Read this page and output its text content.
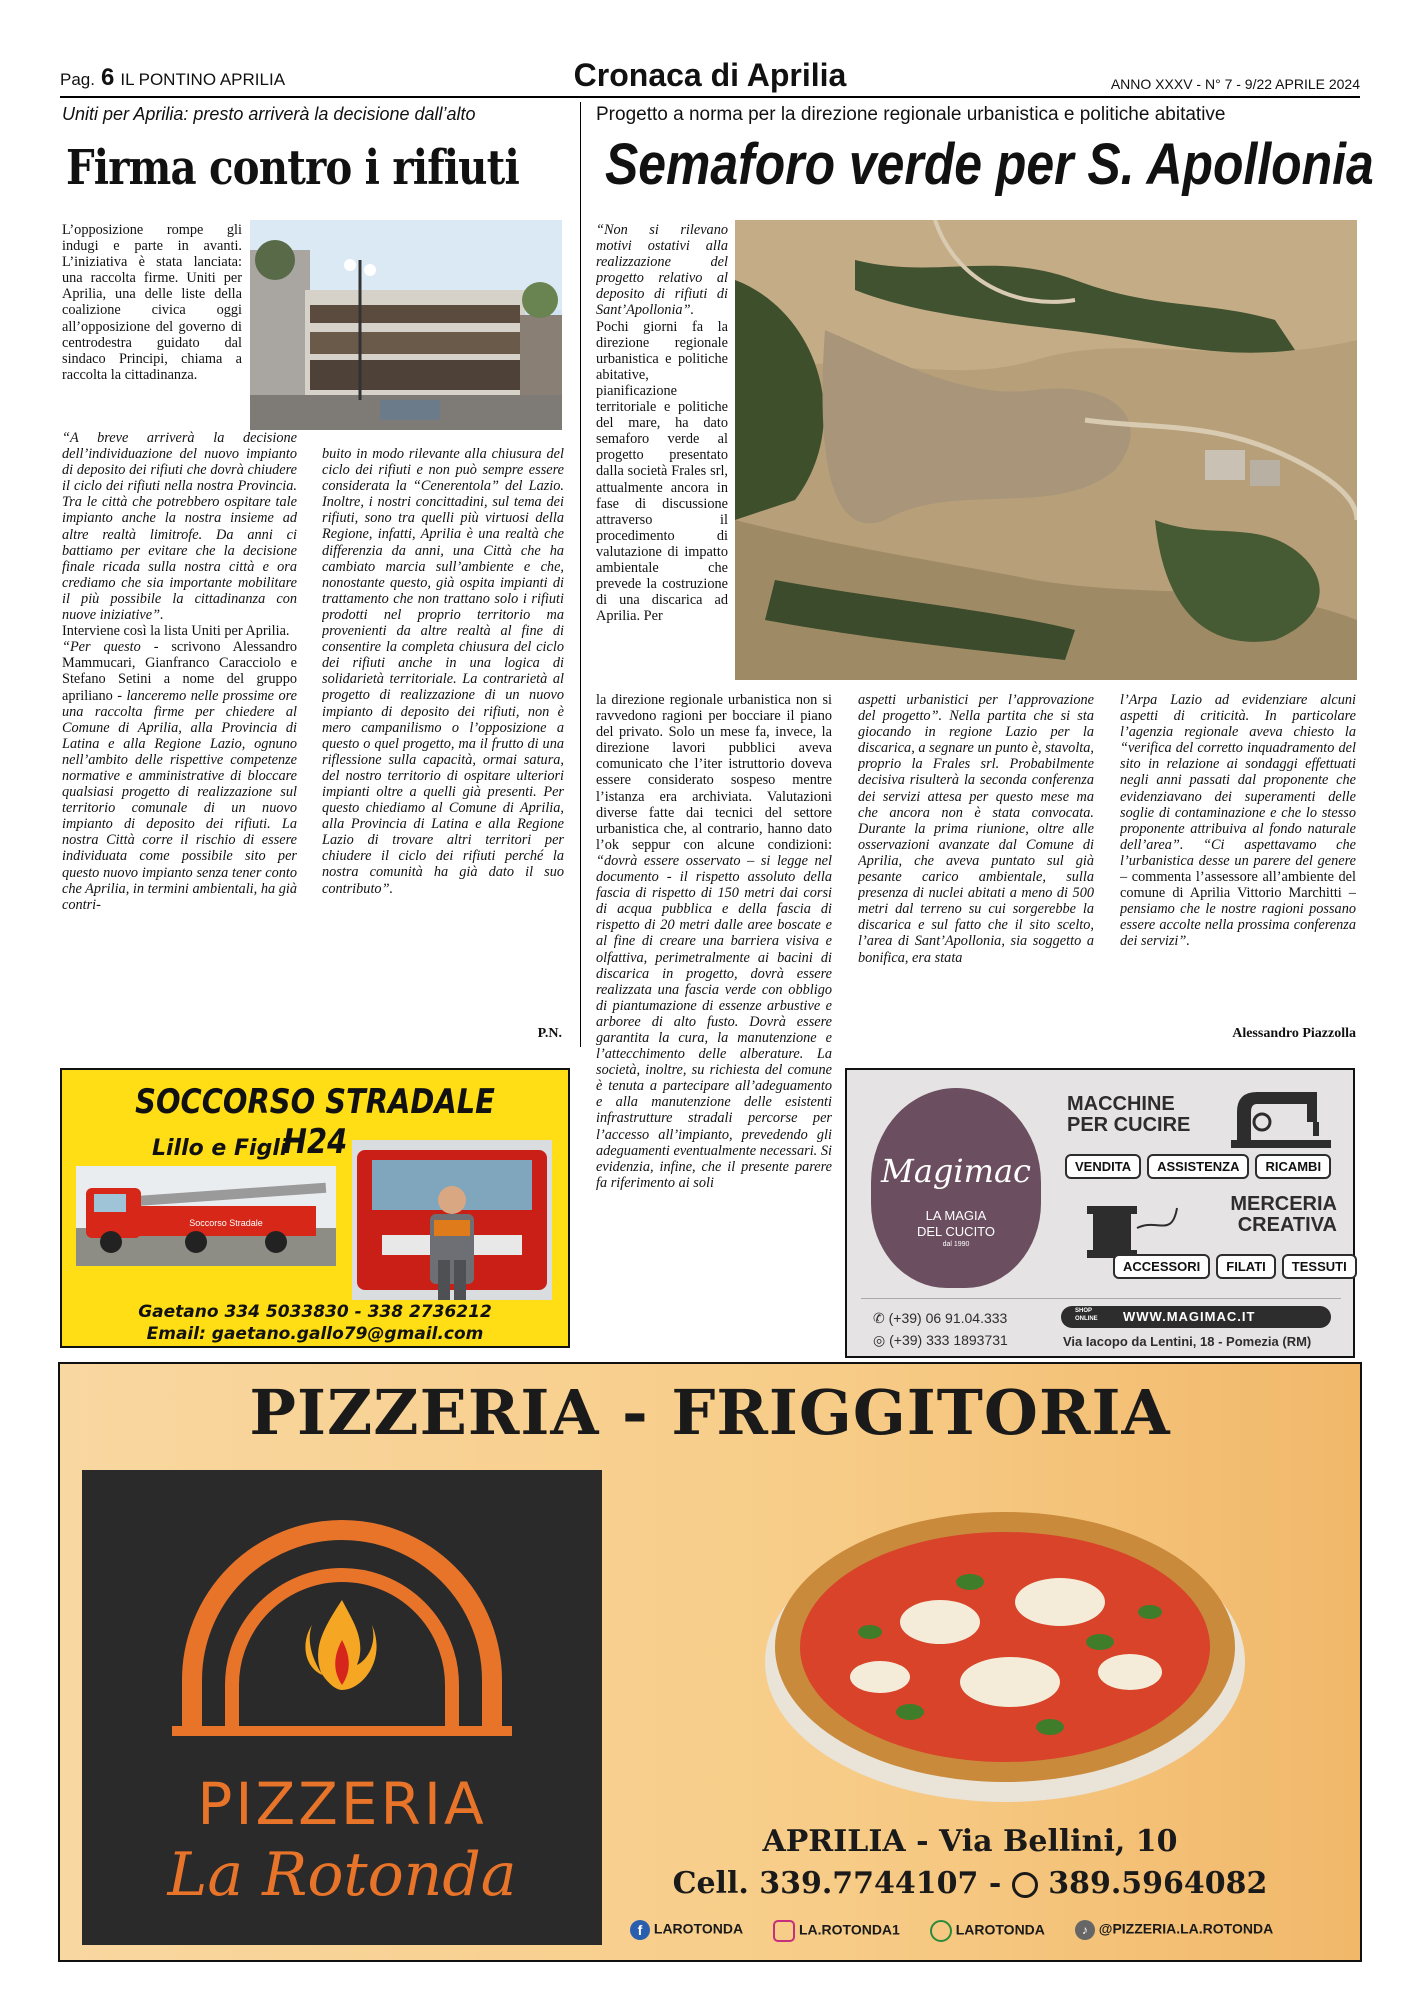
Pag. 6 IL PONTINO APRILIA	Cronaca di Aprilia	ANNO XXXV - N° 7 - 9/22 APRILE 2024
Uniti per Aprilia: presto arriverà la decisione dall’alto
Firma contro i rifiuti

L’opposizione rompe gli indugi e parte in avanti. L’iniziativa è stata lanciata: una raccolta firme. Uniti per Aprilia, una delle liste della coalizione civica oggi all’opposizione del governo di centrodestra guidato dal sindaco Principi, chiama a raccolta la cittadinanza.

“A breve arriverà la decisione dell’individuazione del nuovo impianto di deposito dei rifiuti che dovrà chiudere il ciclo dei rifiuti nella nostra Provincia. Tra le città che potrebbero ospitare tale impianto anche la nostra insieme ad altre realtà limitrofe. Da anni ci battiamo per evitare che la decisione finale ricada sulla nostra città e ora crediamo che sia importante mobilitare il più possibile la cittadinanza con nuove iniziative”.

Interviene così la lista Uniti per Aprilia.

“Per questo - scrivono Alessandro Mammucari, Gianfranco Caracciolo e Stefano Setini a nome del gruppo apriliano - lanceremo nelle prossime ore una raccolta firme per chiedere al Comune di Aprilia, alla Provincia di Latina e alla Regione Lazio, ognuno nell’ambito delle rispettive competenze normative e amministrative di bloccare qualsiasi progetto di realizzazione sul territorio comunale di un nuovo impianto di deposito dei rifiuti. La nostra Città corre il rischio di essere individuata come possibile sito per questo nuovo impianto senza tener conto che Aprilia, in termini ambientali, ha già contri-

buito in modo rilevante alla chiusura del ciclo dei rifiuti e non può sempre essere considerata la “Cenerentola” del Lazio. Inoltre, i nostri concittadini, sul tema dei rifiuti, sono tra quelli più virtuosi della Regione, infatti, Aprilia è una realtà che differenzia da anni, una Città che ha cambiato marcia sull’ambiente e che, nonostante questo, già ospita impianti di trattamento che non trattano solo i rifiuti prodotti nel proprio territorio ma provenienti da altre realtà al fine di consentire la completa chiusura del ciclo dei rifiuti anche in una logica di solidarietà territoriale. La contrarietà al progetto di realizzazione di un nuovo impianto di deposito dei rifiuti, non è mero campanilismo o l’opposizione a questo o quel progetto, ma il frutto di una riflessione sulla capacità, ormai satura, del nostro territorio di ospitare ulteriori impianti oltre a quelli già presenti. Per questo chiediamo al Comune di Aprilia, alla Provincia di Latina e alla Regione Lazio di trovare altri territori per chiudere il ciclo dei rifiuti perché la nostra comunità ha già dato il suo contributo”.

P.N.
Progetto a norma per la direzione regionale urbanistica e politiche abitative
Semaforo verde per S. Apollonia

“Non si rilevano motivi ostativi alla realizzazione del progetto relativo al deposito di rifiuti di Sant’Apollonia”.

Pochi giorni fa la direzione regionale urbanistica e politiche abitative, pianificazione territoriale e politiche del mare, ha dato semaforo verde al progetto presentato dalla società Frales srl, attualmente ancora in fase di discussione attraverso il procedimento di valutazione di impatto ambientale che prevede la costruzione di una discarica ad Aprilia. Per

la direzione regionale urbanistica non si ravvedono ragioni per bocciare il piano del privato. Solo un mese fa, invece, la direzione lavori pubblici aveva comunicato che l’iter istruttorio doveva essere considerato sospeso mentre l’istanza era archiviata. Valutazioni diverse fatte dai tecnici del settore urbanistica che, al contrario, hanno dato l’ok seppur con alcune condizioni: “dovrà essere osservato – si legge nel documento - il rispetto assoluto della fascia di rispetto di 150 metri dai corsi di acqua pubblica e della fascia di rispetto di 20 metri dalle aree boscate e al fine di creare una barriera visiva e olfattiva, perimetralmente ai bacini di discarica in progetto, dovrà essere realizzata una fascia verde con obbligo di piantumazione di essenze arbustive e arboree di alto fusto. Dovrà essere garantita la cura, la manutenzione e l’attecchimento delle alberature. La società, inoltre, su richiesta del comune è tenuta a partecipare all’adeguamento e alla manutenzione delle esistenti infrastrutture stradali percorse per l’accesso all’impianto, prevedendo gli adeguamenti eventualmente necessari. Si evidenzia, infine, che il presente parere fa riferimento ai soli

aspetti urbanistici per l’approvazione del progetto”. Nella partita che si sta giocando in regione Lazio per la discarica, a segnare un punto è, stavolta, proprio la Frales srl. Probabilmente decisiva risulterà la seconda conferenza dei servizi attesa per questo mese ma che ancora non è stata convocata. Durante la prima riunione, oltre alle osservazioni avanzate dal Comune di Aprilia, che aveva puntato sul già pesante carico ambientale, sulla presenza di nuclei abitati a meno di 500 metri dal terreno su cui sorgerebbe la discarica e sul fatto che il sito scelto, l’area di Sant’Apollonia, sia soggetto a bonifica, era stata

l’Arpa Lazio ad evidenziare alcuni aspetti di criticità. In particolare l’agenzia regionale aveva chiesto la “verifica del corretto inquadramento del sito in relazione ai sondaggi effettuati negli anni passati dal proponente che evidenziavano dei superamenti delle soglie di contaminazione e che lo stesso proponente attribuiva al fondo naturale dell’area”. “Ci aspettavamo che l’urbanistica desse un parere del genere – commenta l’assessore all’ambiente del comune di Aprilia Vittorio Marchitti – pensiamo che le nostre ragioni possano essere accolte nella prossima conferenza dei servizi”.

Alessandro Piazzolla
SOCCORSO STRADALE H24
Lillo e Figli
Soccorso Stradale
Gaetano 334 5033830 - 338 2736212
Email: gaetano.gallo79@gmail.com
Magimac
LA MAGIA
DEL CUCITO
dal 1990
MACCHINE
PER CUCIRE
VENDITA	ASSISTENZA	RICAMBI
MERCERIA
CREATIVA
ACCESSORI	FILATI	TESSUTI
✆ (+39) 06 91.04.333
◎ (+39) 333 1893731
SHOP
ONLINE WWW.MAGIMAC.IT
Via Iacopo da Lentini, 18 - Pomezia (RM)
PIZZERIA - FRIGGITORIA
PIZZERIA
La Rotonda	APRILIA - Via Bellini, 10
Cell. 339.7744107 - 389.5964082
f LAROTONDA	LA.ROTONDA1	LAROTONDA	♪ @PIZZERIA.LA.ROTONDA
